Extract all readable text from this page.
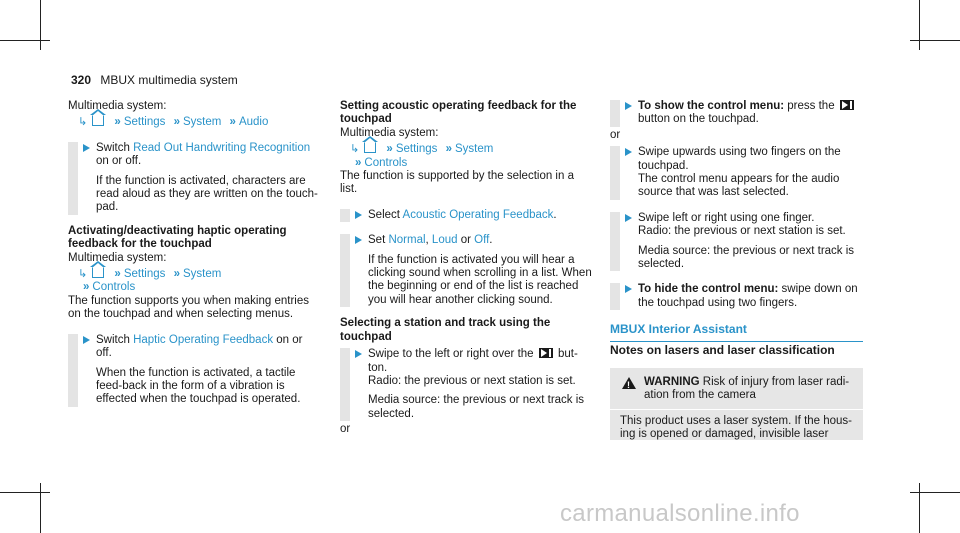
320 MBUX multimedia system

Multimedia system:

↳ » Settings » System » Audio

Switch Read Out Handwriting Recognition on or off.

If the function is activated, characters are read aloud as they are written on the touch-pad.

Activating/deactivating haptic operating feedback for the touchpad

Multimedia system:

↳ » Settings » System
» Controls

The function supports you when making entries on the touchpad and when selecting menus.

Switch Haptic Operating Feedback on or off.

When the function is activated, a tactile feed-back in the form of a vibration is effected when the touchpad is operated.

Setting acoustic operating feedback for the touchpad

Multimedia system:

↳ » Settings » System
» Controls

The function is supported by the selection in a list.

Select Acoustic Operating Feedback.

Set Normal, Loud or Off.

If the function is activated you will hear a clicking sound when scrolling in a list. When the beginning or end of the list is reached you will hear another clicking sound.

Selecting a station and track using the touchpad

Swipe to the left or right over the  but-ton.

Radio: the previous or next station is set.

Media source: the previous or next track is selected.

or

To show the control menu: press the  button on the touchpad.

or

Swipe upwards using two fingers on the touchpad.

The control menu appears for the audio source that was last selected.

Swipe left or right using one finger.

Radio: the previous or next station is set.

Media source: the previous or next track is selected.

To hide the control menu: swipe down on the touchpad using two fingers.

MBUX Interior Assistant
Notes on lasers and laser classification
!
WARNING Risk of injury from laser radi-ation from the camera
This product uses a laser system. If the hous-ing is opened or damaged, invisible laser
carmanualsonline.info
